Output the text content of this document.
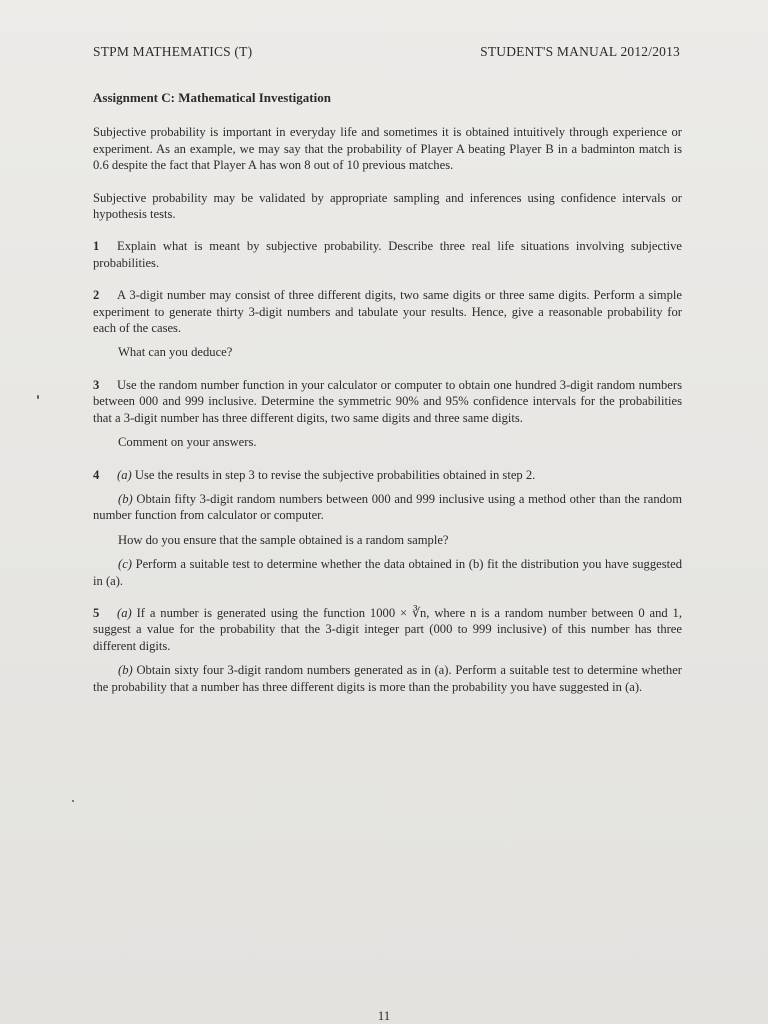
STPM MATHEMATICS (T)	STUDENT'S MANUAL 2012/2013
Assignment C: Mathematical Investigation

Subjective probability is important in everyday life and sometimes it is obtained intuitively through experience or experiment. As an example, we may say that the probability of Player A beating Player B in a badminton match is 0.6 despite the fact that Player A has won 8 out of 10 previous matches.

Subjective probability may be validated by appropriate sampling and inferences using confidence intervals or hypothesis tests.

1 Explain what is meant by subjective probability. Describe three real life situations involving subjective probabilities.

2 A 3-digit number may consist of three different digits, two same digits or three same digits. Perform a simple experiment to generate thirty 3-digit numbers and tabulate your results. Hence, give a reasonable probability for each of the cases.

What can you deduce?

3 Use the random number function in your calculator or computer to obtain one hundred 3-digit random numbers between 000 and 999 inclusive. Determine the symmetric 90% and 95% confidence intervals for the probabilities that a 3-digit number has three different digits, two same digits and three same digits.

Comment on your answers.

4 (a) Use the results in step 3 to revise the subjective probabilities obtained in step 2.

(b) Obtain fifty 3-digit random numbers between 000 and 999 inclusive using a method other than the random number function from calculator or computer.

How do you ensure that the sample obtained is a random sample?

(c) Perform a suitable test to determine whether the data obtained in (b) fit the distribution you have suggested in (a).

5 (a) If a number is generated using the function 1000 × ∛n, where n is a random number between 0 and 1, suggest a value for the probability that the 3-digit integer part (000 to 999 inclusive) of this number has three different digits.

(b) Obtain sixty four 3-digit random numbers generated as in (a). Perform a suitable test to determine whether the probability that a number has three different digits is more than the probability you have suggested in (a).

11
